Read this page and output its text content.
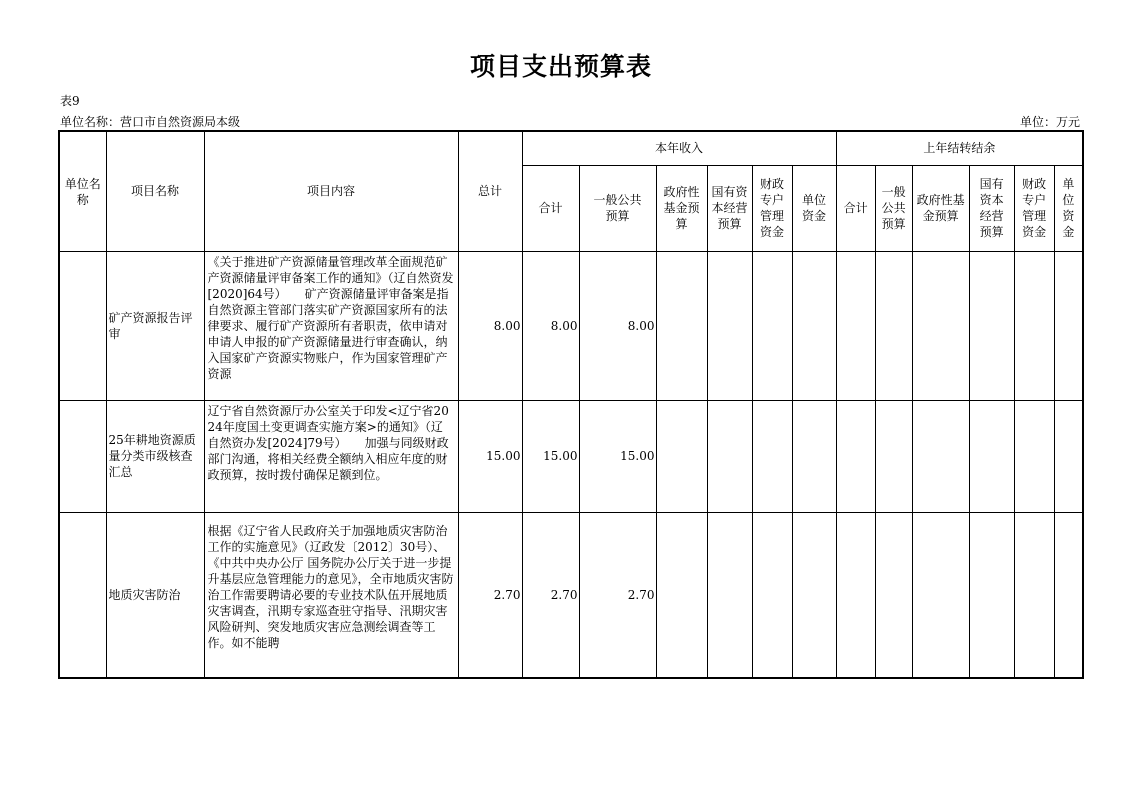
项目支出预算表
表9
单位名称：营口市自然资源局本级	单位：万元
单位名称	项目名称	项目内容	总计	本年收入						上年结转结余					
				合计	一般公共预算	政府性基金预算	国有资本经营预算	财政专户管理资金	单位资金	合计	一般公共预算	政府性基金预算	国有资本经营预算	财政专户管理资金	单位资金
	矿产资源报告评审	《关于推进矿产资源储量管理改革全面规范矿产资源储量评审备案工作的通知》（辽自然资发[2020]64号）　　矿产资源储量评审备案是指自然资源主管部门落实矿产资源国家所有的法律要求、履行矿产资源所有者职责，依申请对申请人申报的矿产资源储量进行审查确认，纳入国家矿产资源实物账户，作为国家管理矿产资源	8.00	8.00	8.00										
	25年耕地资源质量分类市级核查汇总	辽宁省自然资源厅办公室关于印发<辽宁省2024年度国土变更调查实施方案>的通知》（辽自然资办发[2024]79号）　　加强与同级财政部门沟通，将相关经费全额纳入相应年度的财政预算，按时拨付确保足额到位。	15.00	15.00	15.00										
	地质灾害防治	根据《辽宁省人民政府关于加强地质灾害防治工作的实施意见》（辽政发〔2012〕30号）、《中共中央办公厅 国务院办公厅关于进一步提升基层应急管理能力的意见》，全市地质灾害防治工作需要聘请必要的专业技术队伍开展地质灾害调查，汛期专家巡查驻守指导、汛期灾害风险研判、突发地质灾害应急测绘调查等工作。如不能聘	2.70	2.70	2.70										
